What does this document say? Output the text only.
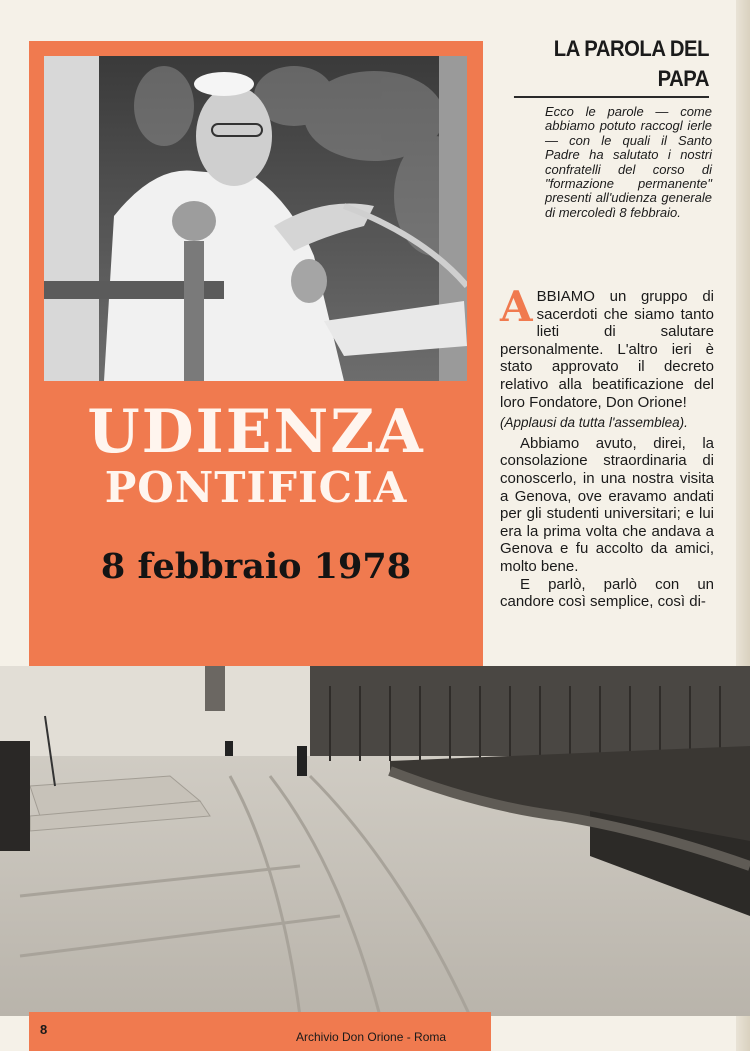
UDIENZA
PONTIFICIA
8 febbraio 1978
LA PAROLA DEL PAPA

Ecco le parole — come abbiamo potuto raccogl ierle — con le quali il Santo Padre ha salutato i nostri confratelli del corso di "formazione permanente" presenti all'udienza generale di mercoledì 8 febbraio.

A BBIAMO un gruppo di sacerdoti che siamo tanto lieti di salutare personalmente. L'altro ieri è stato approvato il decreto relativo alla beatificazione del loro Fondatore, Don Orione!

(Applausi da tutta l'assemblea).

Abbiamo avuto, direi, la consolazione straordinaria di conoscerlo, in una nostra visita a Genova, ove eravamo andati per gli studenti universitari; e lui era la prima volta che andava a Genova e fu accolto da amici, molto bene.

E parlò, parlò con un candore così semplice, così di-

8	Archivio Don Orione - Roma
